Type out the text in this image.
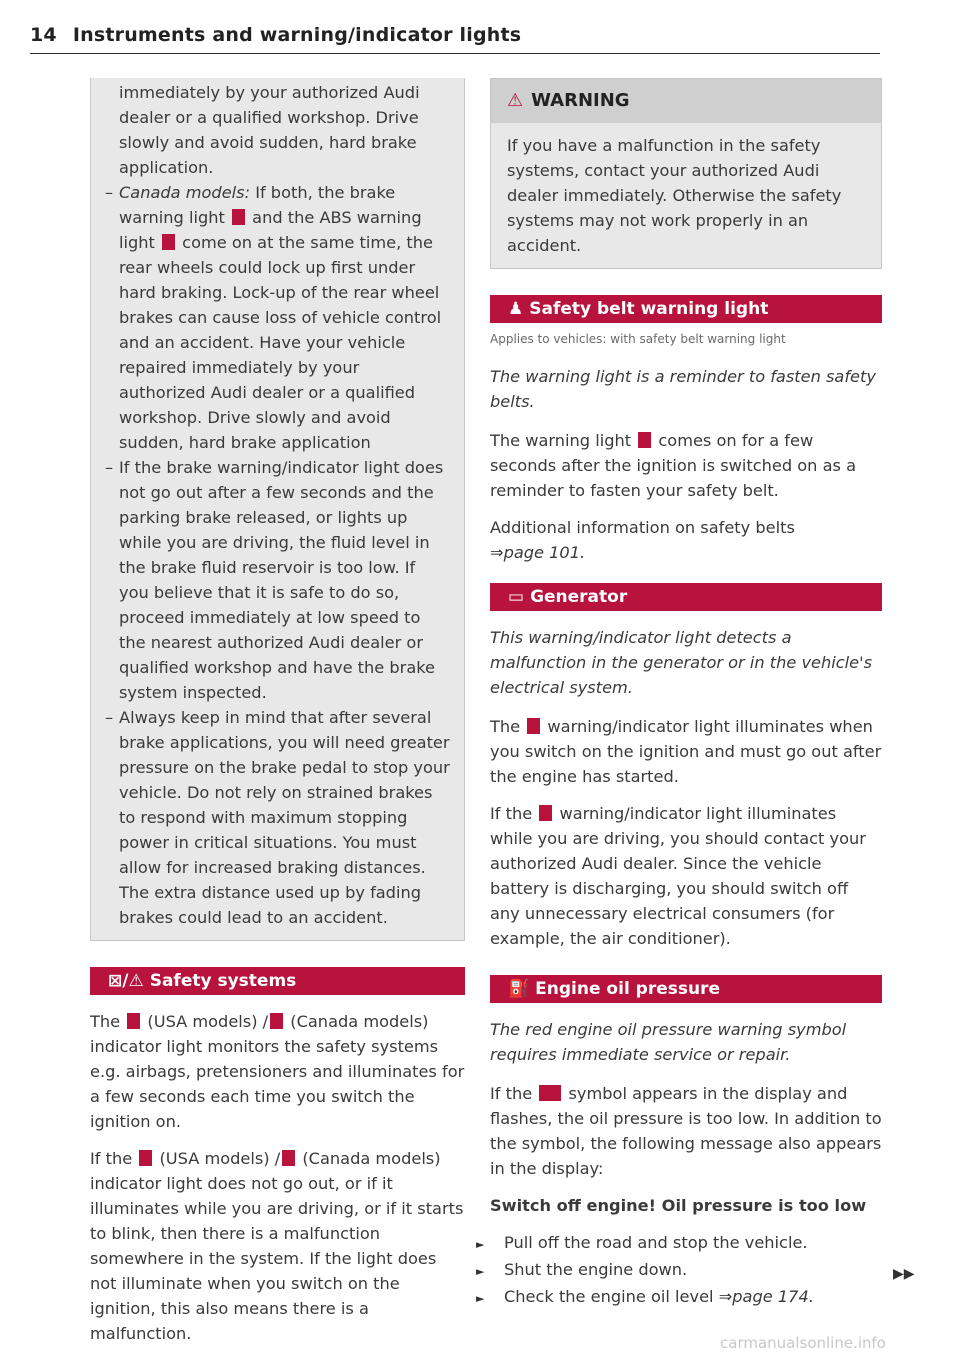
14 Instruments and warning/indicator lights
immediately by your authorized Audi dealer or a qualified workshop. Drive slowly and avoid sudden, hard brake application.
– Canada models: If both, the brake warning light  and the ABS warning light  come on at the same time, the rear wheels could lock up first under hard braking. Lock-up of the rear wheel brakes can cause loss of vehicle control and an accident. Have your vehicle repaired immediately by your authorized Audi dealer or a qualified workshop. Drive slowly and avoid sudden, hard brake application
– If the brake warning/indicator light does not go out after a few seconds and the parking brake released, or lights up while you are driving, the fluid level in the brake fluid reservoir is too low. If you believe that it is safe to do so, proceed immediately at low speed to the nearest authorized Audi dealer or qualified workshop and have the brake system inspected.
– Always keep in mind that after several brake applications, you will need greater pressure on the brake pedal to stop your vehicle. Do not rely on strained brakes to respond with maximum stopping power in critical situations. You must allow for increased braking distances. The extra distance used up by fading brakes could lead to an accident.
⊠/⚠ Safety systems

The  (USA models) / (Canada models) indicator light monitors the safety systems e.g. airbags, pretensioners and illuminates for a few seconds each time you switch the ignition on.

If the  (USA models) / (Canada models) indicator light does not go out, or if it illuminates while you are driving, or if it starts to blink, then there is a malfunction somewhere in the system. If the light does not illuminate when you switch on the ignition, this also means there is a malfunction.

⚠ WARNING
If you have a malfunction in the safety systems, contact your authorized Audi dealer immediately. Otherwise the safety systems may not work properly in an accident.
♟ Safety belt warning light
Applies to vehicles: with safety belt warning light

The warning light is a reminder to fasten safety belts.

The warning light  comes on for a few seconds after the ignition is switched on as a reminder to fasten your safety belt.

Additional information on safety belts
⇒page 101.

▭ Generator

This warning/indicator light detects a malfunction in the generator or in the vehicle's electrical system.

The  warning/indicator light illuminates when you switch on the ignition and must go out after the engine has started.

If the  warning/indicator light illuminates while you are driving, you should contact your authorized Audi dealer. Since the vehicle battery is discharging, you should switch off any unnecessary electrical consumers (for example, the air conditioner).

⛽ Engine oil pressure

The red engine oil pressure warning symbol requires immediate service or repair.

If the  symbol appears in the display and flashes, the oil pressure is too low. In addition to the symbol, the following message also appears in the display:

Switch off engine! Oil pressure is too low

► Pull off the road and stop the vehicle.
► Shut the engine down.
► Check the engine oil level ⇒page 174.
▶▶
carmanualsonline.info
